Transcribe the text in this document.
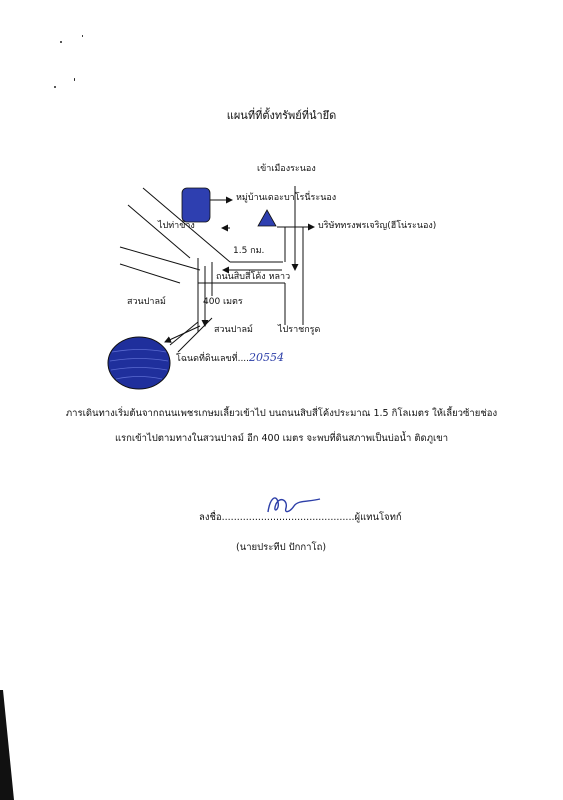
แผนที่ที่ตั้งทรัพย์ที่นำยึด
เข้าเมืองระนอง
หมู่บ้านเดอะบาโรนี่ระนอง
บริษัททรงพรเจริญ(ฮีโน่ระนอง)
ไปท่าข้าง
1.5 กม.
ถนนสิบสี่โค้ง หลาว
สวนปาลม์	400 เมตร
สวนปาลม์	ไปราชกรูด
โฉนดที่ดินเลขที่....20554
ภารเดินทางเริ่มต้นจากถนนเพชรเกษมเลี้ยวเข้าไป บนถนนสิบสี่โค้งประมาณ 1.5 กิโลเมตร ให้เลี้ยวซ้ายช่อง
แรกเข้าไปตามทางในสวนปาลม์ อีก 400 เมตร จะพบที่ดินสภาพเป็นบ่อน้ำ ติดภูเขา
ลงชื่อ............................................ผู้แทนโจทก์
(นายประทีป ปักกาโถ)
